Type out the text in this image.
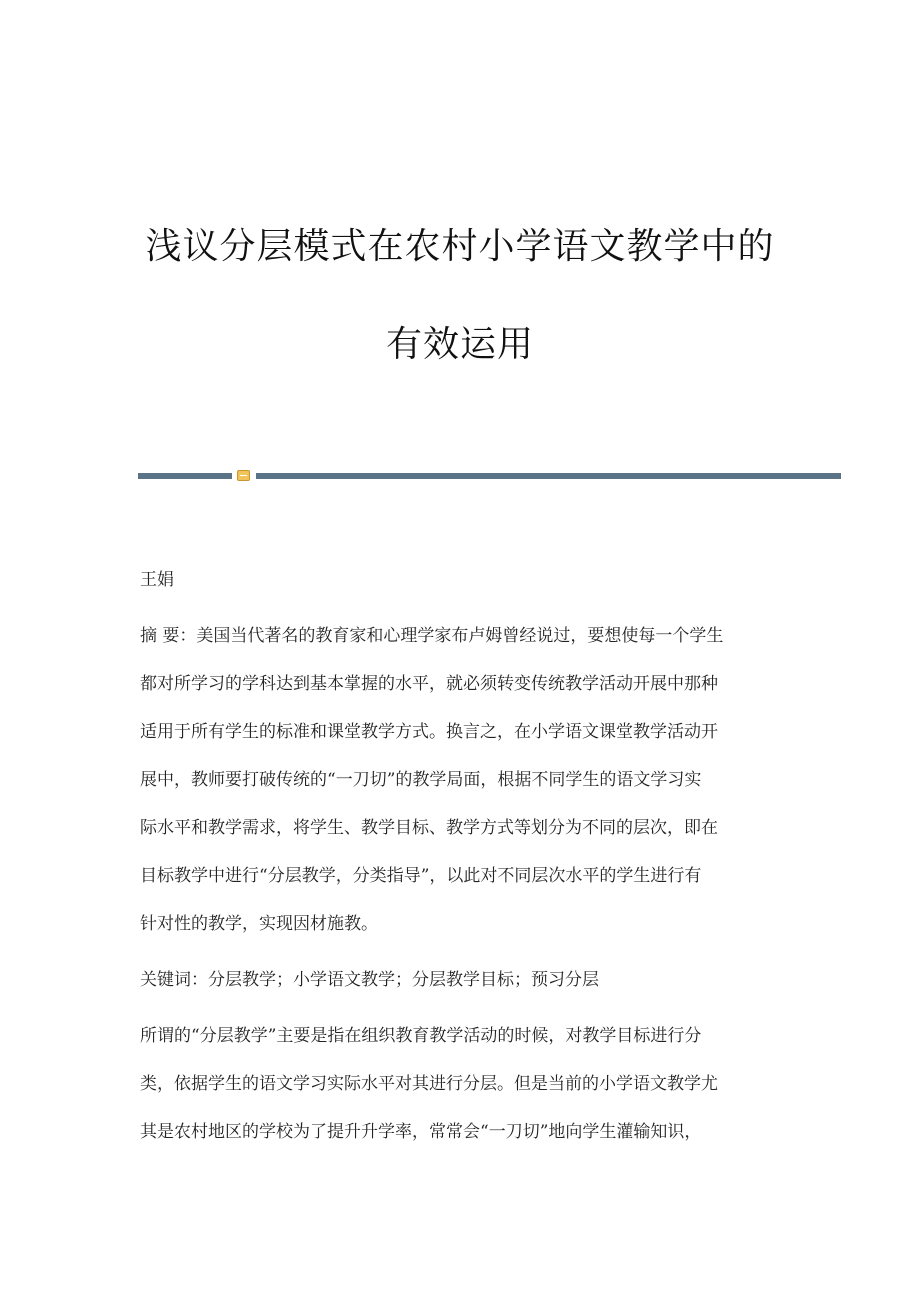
浅议分层模式在农村小学语文教学中的
有效运用
王娟
摘 要：美国当代著名的教育家和心理学家布卢姆曾经说过，要想使每一个学生
都对所学习的学科达到基本掌握的水平，就必须转变传统教学活动开展中那种
适用于所有学生的标准和课堂教学方式。换言之，在小学语文课堂教学活动开
展中，教师要打破传统的“一刀切”的教学局面，根据不同学生的语文学习实
际水平和教学需求，将学生、教学目标、教学方式等划分为不同的层次，即在
目标教学中进行“分层教学，分类指导”，以此对不同层次水平的学生进行有
针对性的教学，实现因材施教。
关键词：分层教学；小学语文教学；分层教学目标；预习分层
所谓的“分层教学”主要是指在组织教育教学活动的时候，对教学目标进行分
类，依据学生的语文学习实际水平对其进行分层。但是当前的小学语文教学尤
其是农村地区的学校为了提升升学率，常常会“一刀切”地向学生灌输知识，
